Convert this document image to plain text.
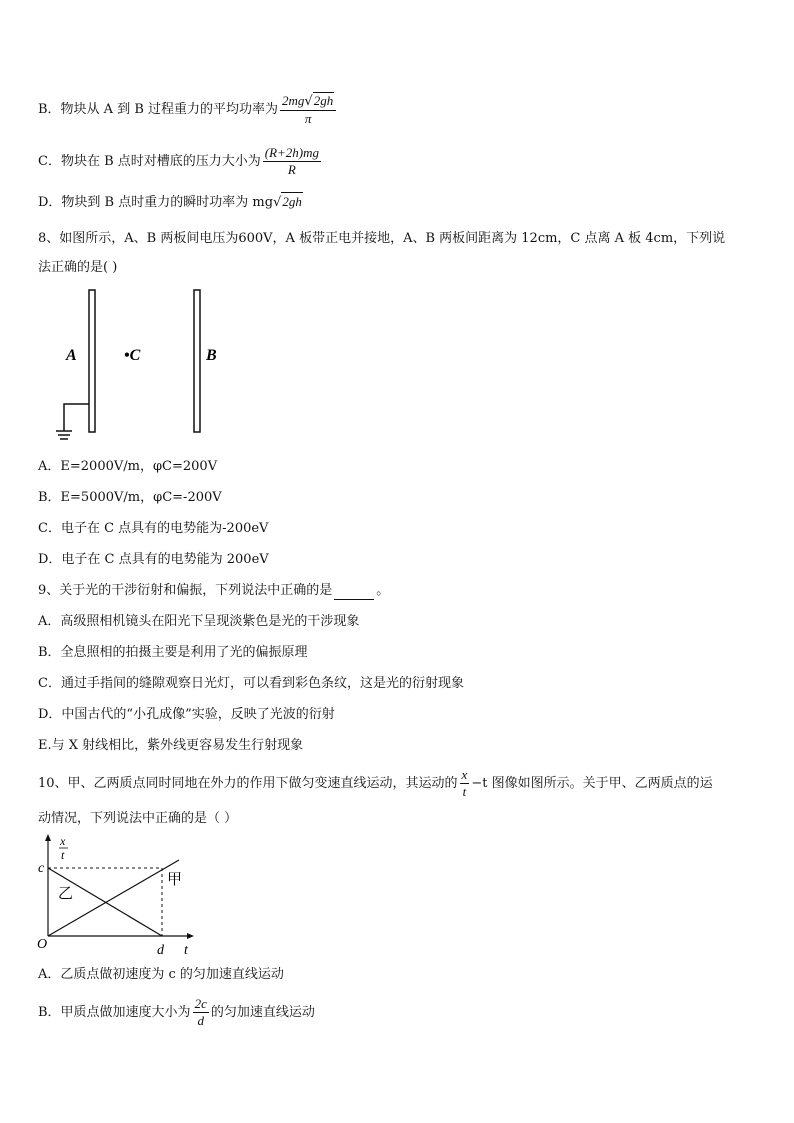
B．物块从 A 到 B 过程重力的平均功率为 $\frac{2mg√2gh}{\pi}$
C．物块在 B 点时对槽底的压力大小为 $\frac{(R+2h)mg}{R}$
D．物块到 B 点时重力的瞬时功率为 mg√2gh
8、如图所示，A、B 两板间电压为600V，A 板带正电并接地，A、B 两板间距离为 12cm，C 点离 A 板 4cm，下列说
法正确的是( )
A	•C	B
A．E=2000V/m，φC=200V
B．E=5000V/m，φC=-200V
C．电子在 C 点具有的电势能为-200eV
D．电子在 C 点具有的电势能为 200eV
9、关于光的干涉衍射和偏振，下列说法中正确的是	。
A．高级照相机镜头在阳光下呈现淡紫色是光的干涉现象
B．全息照相的拍摄主要是利用了光的偏振原理
C．通过手指间的缝隙观察日光灯，可以看到彩色条纹，这是光的衍射现象
D．中国古代的“小孔成像”实验，反映了光波的衍射
E.与 X 射线相比，紫外线更容易发生行射现象
10、甲、乙两质点同时同地在外力的作用下做匀变速直线运动，其运动的 $\frac{x}{t} -t$ 图像如图所示。关于甲、乙两质点的运
动情况，下列说法中正确的是（ ）
x
t
c
O	d t
甲
乙
A．乙质点做初速度为 c 的匀加速直线运动
B．甲质点做加速度大小为 $\frac{2c}{d}$ 的匀加速直线运动
